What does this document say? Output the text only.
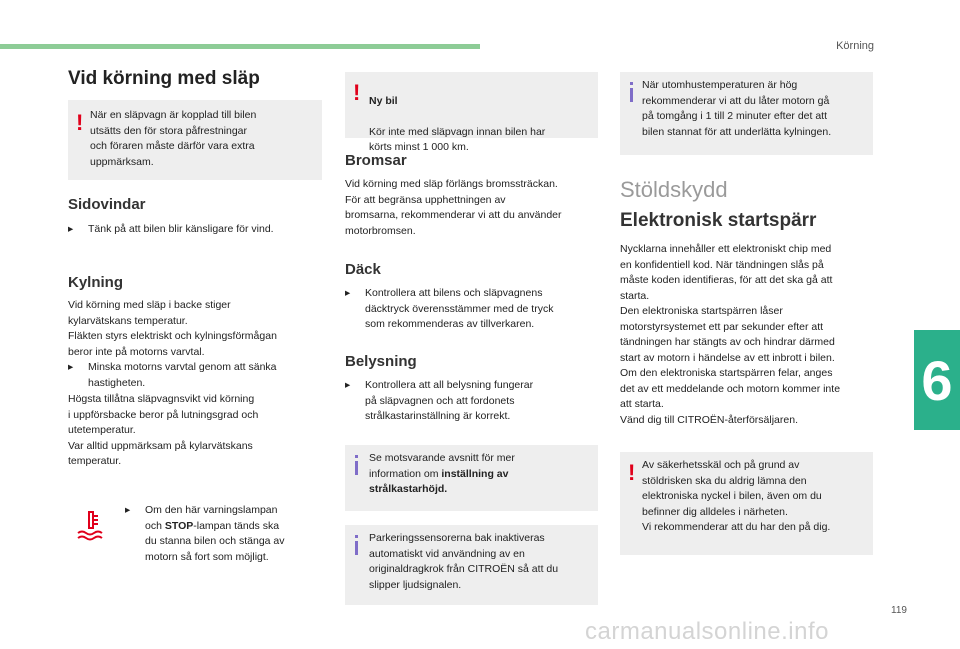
Körning
6
119
Vid körning med släp

! När en släpvagn är kopplad till bilen
utsätts den för stora påfrestningar
och föraren måste därför vara extra
uppmärksam.

Sidovindar
▸ Tänk på att bilen blir känsligare för vind.
Kylning
Vid körning med släp i backe stiger
kylarvätskans temperatur.
Fläkten styrs elektriskt och kylningsförmågan
beror inte på motorns varvtal.
▸ Minska motorns varvtal genom att sänka
hastigheten.
Högsta tillåtna släpvagnsvikt vid körning
i uppförsbacke beror på lutningsgrad och
utetemperatur.
Var alltid uppmärksam på kylarvätskans
temperatur.
▸ Om den här varningslampan
och STOP-lampan tänds ska
du stanna bilen och stänga av
motorn så fort som möjligt.

! Ny bil

Kör inte med släpvagn innan bilen har
körts minst 1 000 km.

Bromsar
Vid körning med släp förlängs bromssträckan.
För att begränsa upphettningen av
bromsarna, rekommenderar vi att du använder
motorbromsen.
Däck
▸ Kontrollera att bilens och släpvagnens
däcktryck överensstämmer med de tryck
som rekommenderas av tillverkaren.
Belysning
▸ Kontrollera att all belysning fungerar
på släpvagnen och att fordonets
strålkastarinställning är korrekt.

Se motsvarande avsnitt för mer
information om inställning av
strålkastarhöjd.

Parkeringssensorerna bak inaktiveras
automatiskt vid användning av en
originaldragkrok från CITROËN så att du
slipper ljudsignalen.

När utomhustemperaturen är hög
rekommenderar vi att du låter motorn gå
på tomgång i 1 till 2 minuter efter det att
bilen stannat för att underlätta kylningen.

Stöldskydd
Elektronisk startspärr
Nycklarna innehåller ett elektroniskt chip med
en konfidentiell kod. När tändningen slås på
måste koden identifieras, för att det ska gå att
starta.
Den elektroniska startspärren låser
motorstyrsystemet ett par sekunder efter att
tändningen har stängts av och hindrar därmed
start av motorn i händelse av ett inbrott i bilen.
Om den elektroniska startspärren felar, anges
det av ett meddelande och motorn kommer inte
att starta.
Vänd dig till CITROËN-återförsäljaren.

! Av säkerhetsskäl och på grund av
stöldrisken ska du aldrig lämna den
elektroniska nyckel i bilen, även om du
befinner dig alldeles i närheten.
Vi rekommenderar att du har den på dig.

carmanualsonline.info
